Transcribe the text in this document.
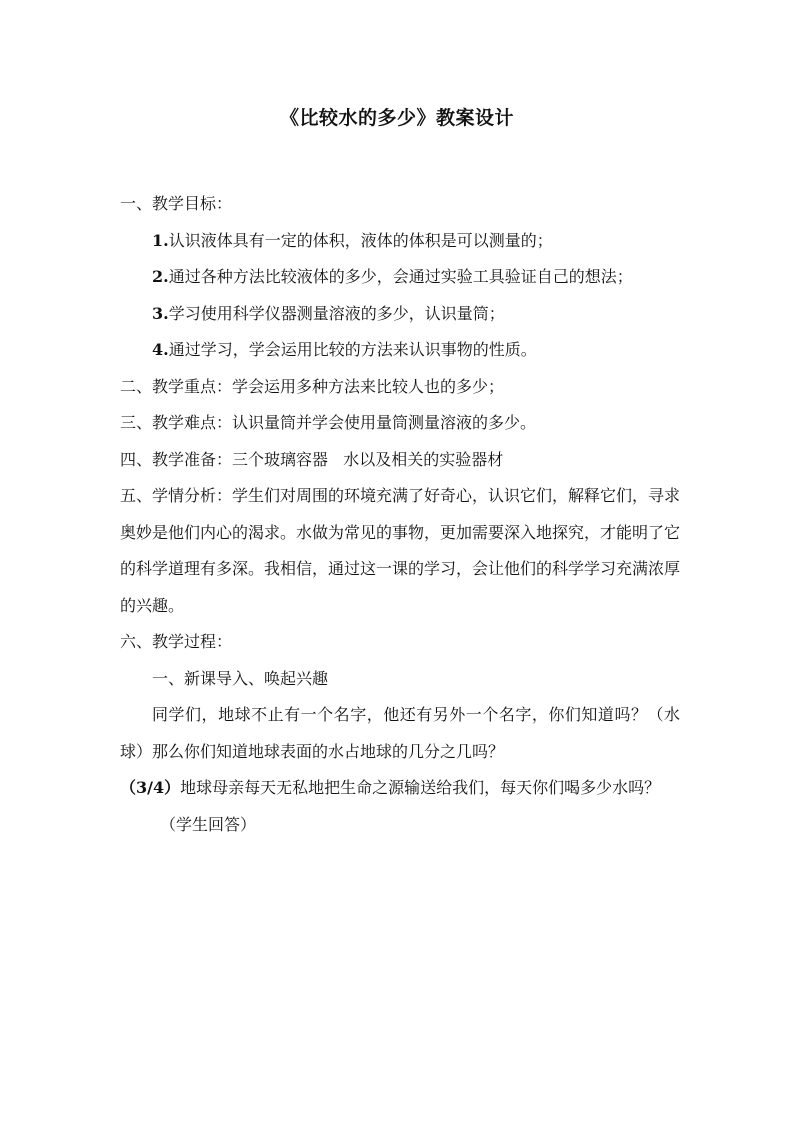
《比较水的多少》教案设计

一、教学目标：

1.认识液体具有一定的体积，液体的体积是可以测量的；

2.通过各种方法比较液体的多少，会通过实验工具验证自己的想法；

3.学习使用科学仪器测量溶液的多少，认识量筒；

4.通过学习，学会运用比较的方法来认识事物的性质。

二、教学重点：学会运用多种方法来比较人也的多少；

三、教学难点：认识量筒并学会使用量筒测量溶液的多少。

四、教学准备：三个玻璃容器   水以及相关的实验器材

五、学情分析：学生们对周围的环境充满了好奇心，认识它们，解释它们，寻求奥妙是他们内心的渴求。水做为常见的事物，更加需要深入地探究，才能明了它的科学道理有多深。我相信，通过这一课的学习，会让他们的科学学习充满浓厚的兴趣。

六、教学过程：

一、新课导入、唤起兴趣

同学们，地球不止有一个名字，他还有另外一个名字，你们知道吗？（水球）那么你们知道地球表面的水占地球的几分之几吗？

（3/4）地球母亲每天无私地把生命之源输送给我们，每天你们喝多少水吗？

（学生回答）
